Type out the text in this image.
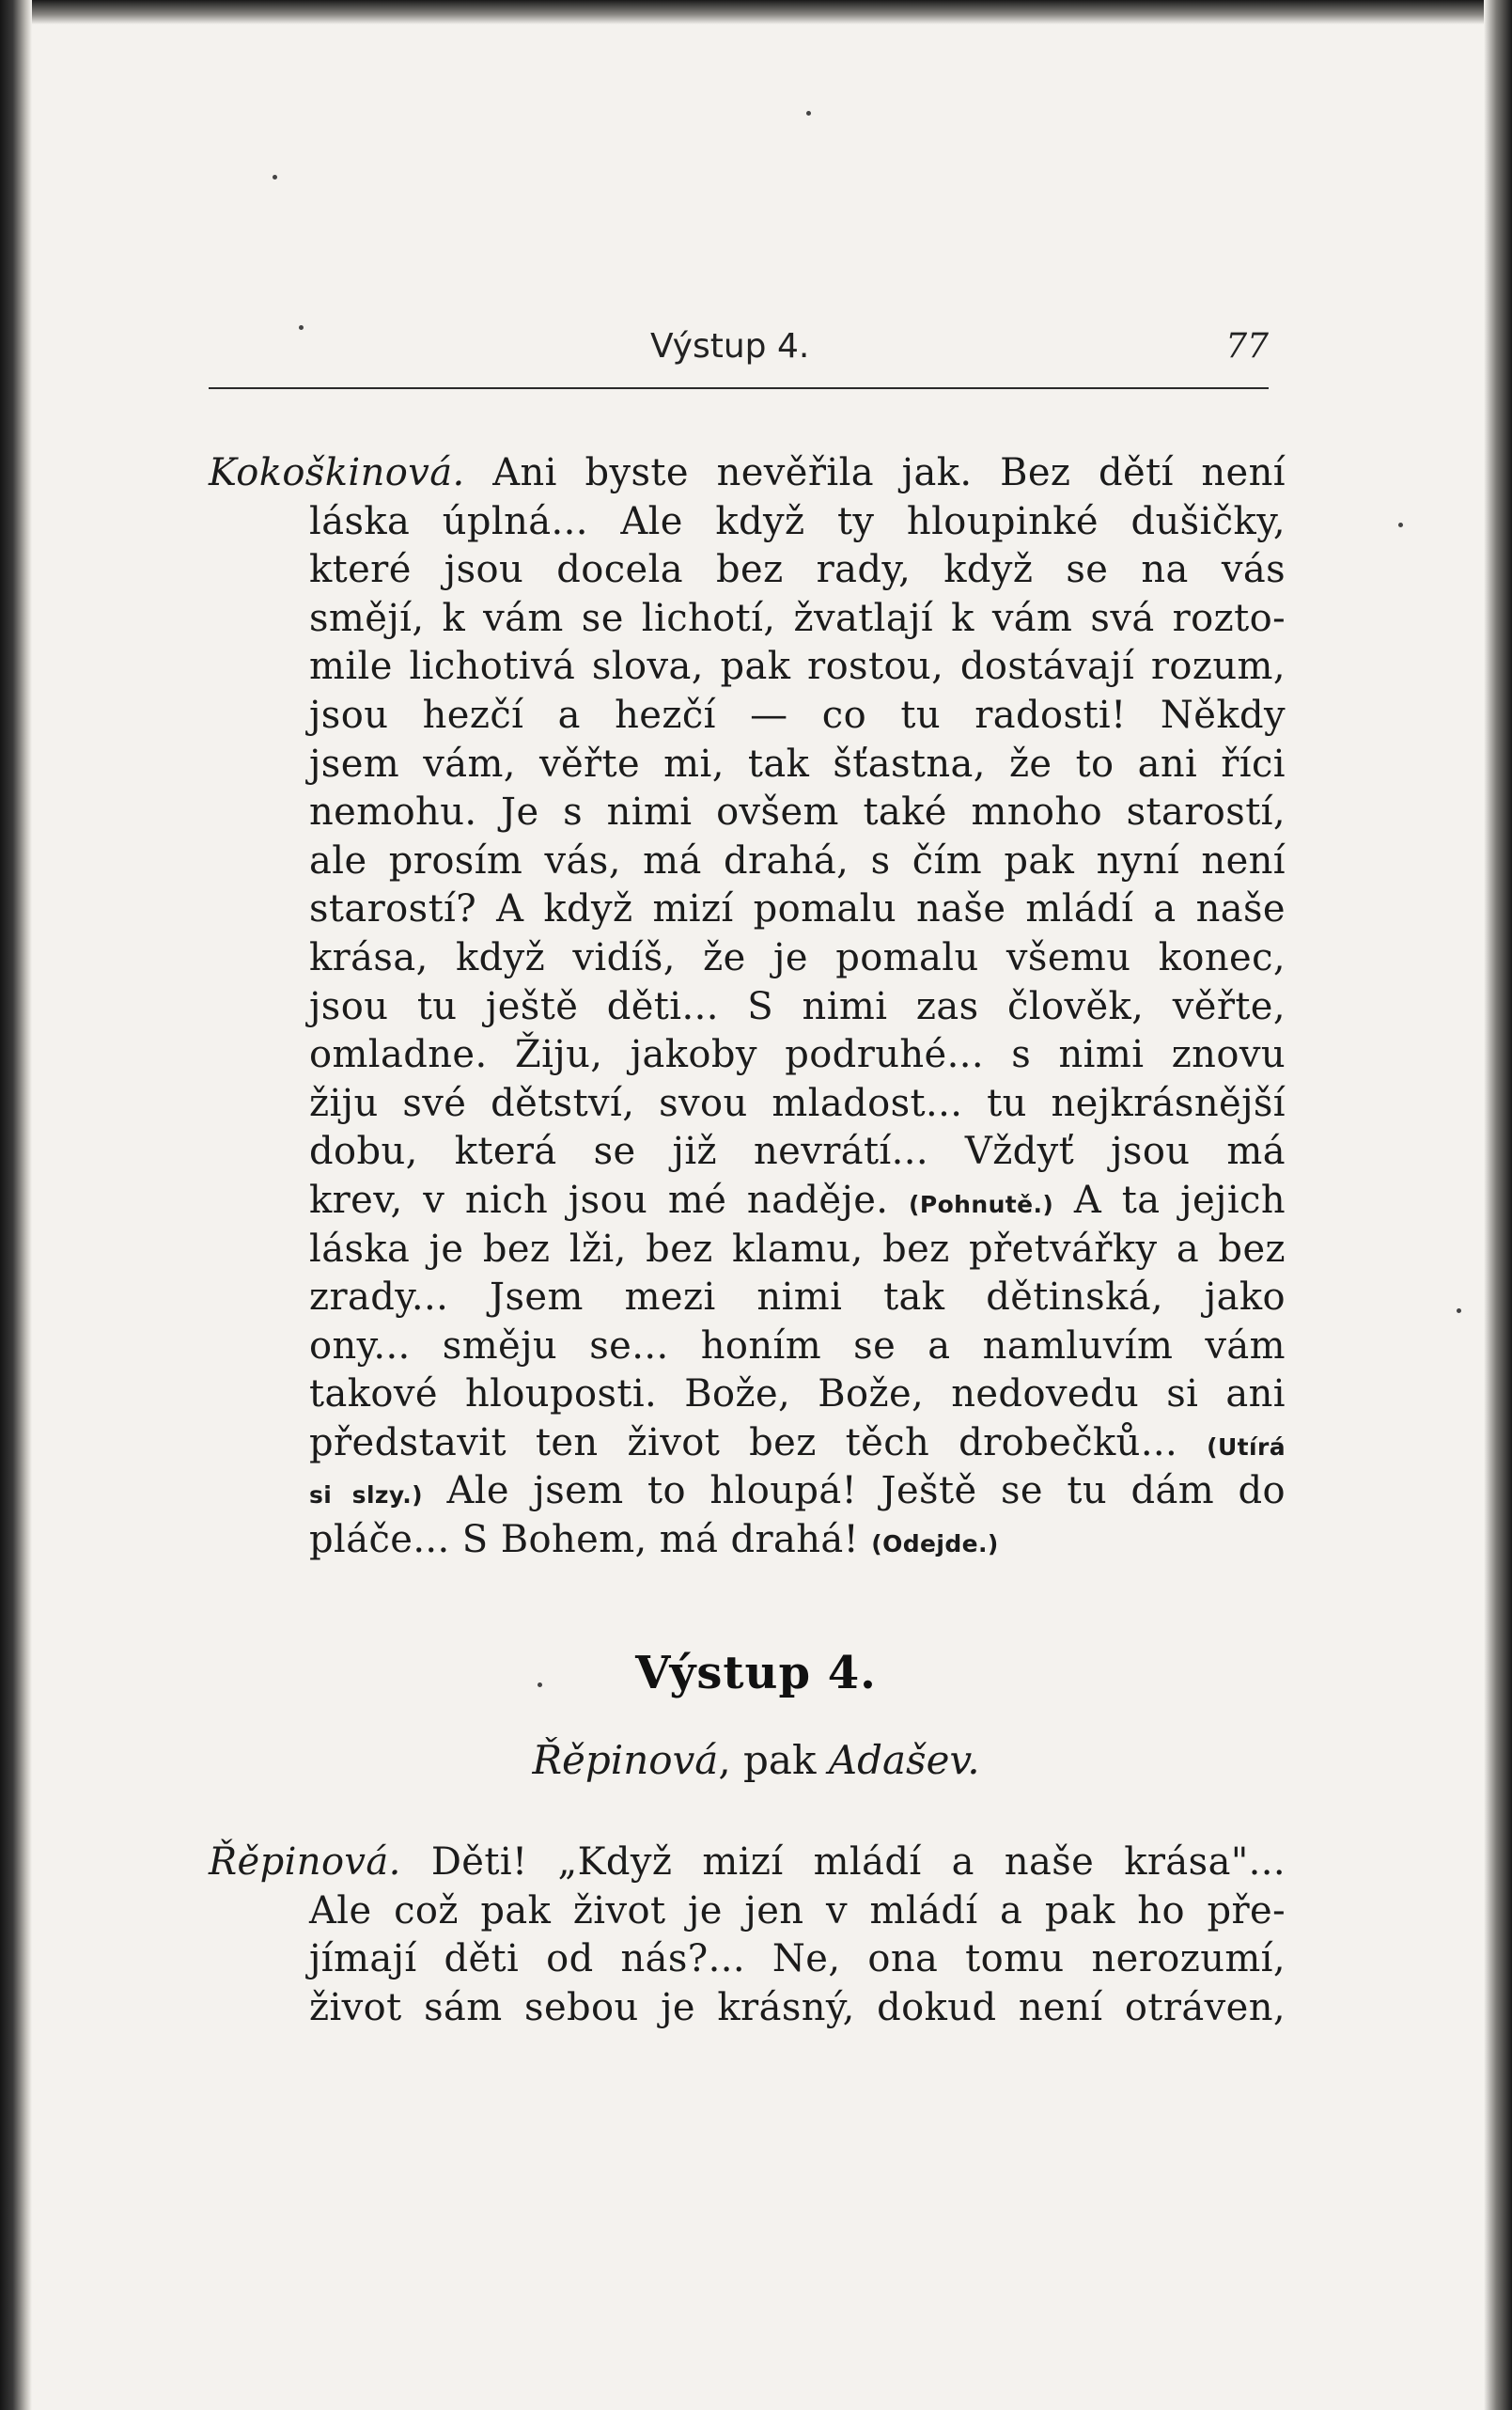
Výstup 4.	77
Kokoškinová. Ani byste nevěřila jak. Bez dětí není
láska úplná... Ale když ty hloupinké dušičky,
které jsou docela bez rady, když se na vás
smějí, k vám se lichotí, žvatlají k vám svá rozto-
mile lichotivá slova, pak rostou, dostávají rozum,
jsou hezčí a hezčí — co tu radosti! Někdy
jsem vám, věřte mi, tak šťastna, že to ani říci
nemohu. Je s nimi ovšem také mnoho starostí,
ale prosím vás, má drahá, s čím pak nyní není
starostí? A když mizí pomalu naše mládí a naše
krása, když vidíš, že je pomalu všemu konec,
jsou tu ještě děti... S nimi zas člověk, věřte,
omladne. Žiju, jakoby podruhé... s nimi znovu
žiju své dětství, svou mladost... tu nejkrásnější
dobu, která se již nevrátí... Vždyť jsou má
krev, v nich jsou mé naděje. (Pohnutě.) A ta jejich
láska je bez lži, bez klamu, bez přetvářky a bez
zrady... Jsem mezi nimi tak dětinská, jako
ony... směju se... honím se a namluvím vám
takové hlouposti. Bože, Bože, nedovedu si ani
představit ten život bez těch drobečků... (Utírá
si slzy.) Ale jsem to hloupá! Ještě se tu dám do
pláče... S Bohem, má drahá! (Odejde.)
Výstup 4.
Řěpinová, pak Adašev.
Řěpinová. Děti! „Když mizí mládí a naše krása"...
Ale což pak život je jen v mládí a pak ho pře-
jímají děti od nás?... Ne, ona tomu nerozumí,
život sám sebou je krásný, dokud není otráven,
